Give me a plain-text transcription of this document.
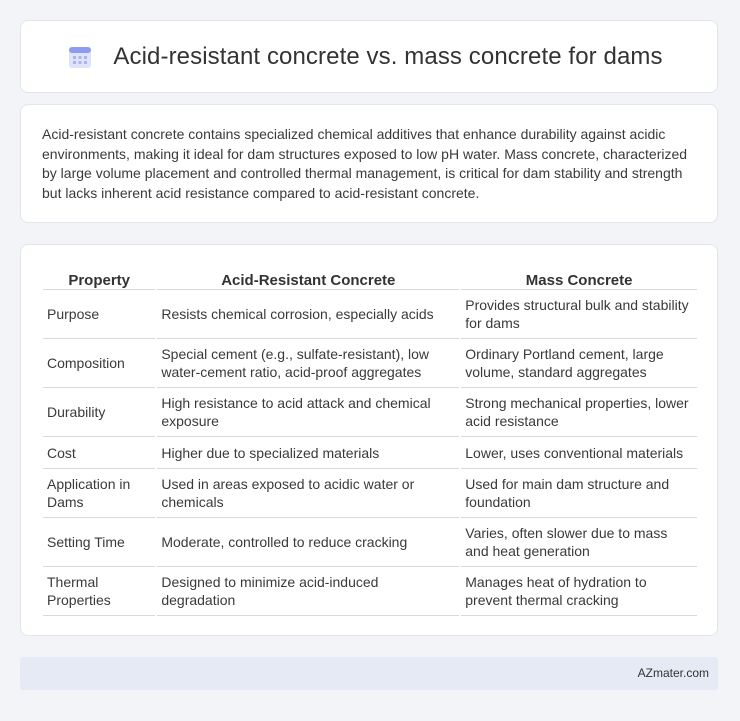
Acid-resistant concrete vs. mass concrete for dams

Acid-resistant concrete contains specialized chemical additives that enhance durability against acidic environments, making it ideal for dam structures exposed to low pH water. Mass concrete, characterized by large volume placement and controlled thermal management, is critical for dam stability and strength but lacks inherent acid resistance compared to acid-resistant concrete.

Property	Acid-Resistant Concrete	Mass Concrete
Purpose	Resists chemical corrosion, especially acids	Provides structural bulk and stability for dams
Composition	Special cement (e.g., sulfate-resistant), low water-cement ratio, acid-proof aggregates	Ordinary Portland cement, large volume, standard aggregates
Durability	High resistance to acid attack and chemical exposure	Strong mechanical properties, lower acid resistance
Cost	Higher due to specialized materials	Lower, uses conventional materials
Application in Dams	Used in areas exposed to acidic water or chemicals	Used for main dam structure and foundation
Setting Time	Moderate, controlled to reduce cracking	Varies, often slower due to mass and heat generation
Thermal Properties	Designed to minimize acid-induced degradation	Manages heat of hydration to prevent thermal cracking
AZmater.com
